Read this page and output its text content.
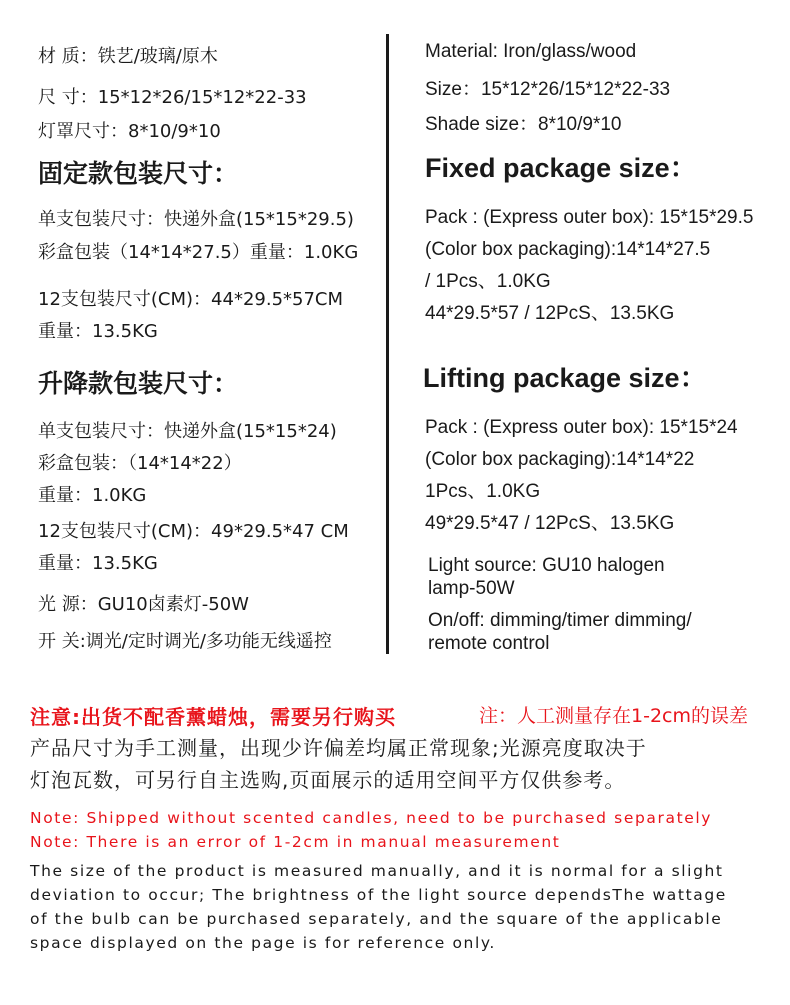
材 质：铁艺/玻璃/原木
尺 寸：15*12*26/15*12*22-33
灯罩尺寸：8*10/9*10
固定款包装尺寸：
单支包装尺寸：快递外盒(15*15*29.5)
彩盒包装（14*14*27.5）重量：1.0KG
12支包装尺寸(CM)：44*29.5*57CM
重量：13.5KG
升降款包装尺寸：
单支包装尺寸：快递外盒(15*15*24)
彩盒包装：（14*14*22）
重量：1.0KG
12支包装尺寸(CM)：49*29.5*47 CM
重量：13.5KG
光 源：GU10卤素灯-50W
开 关:调光/定时调光/多功能无线遥控
Material: Iron/glass/wood
Size：15*12*26/15*12*22-33
Shade size：8*10/9*10
Fixed package size：
Pack : (Express outer box): 15*15*29.5
(Color box packaging):14*14*27.5
/ 1Pcs、1.0KG
44*29.5*57 / 12PcS、13.5KG
Lifting package size：
Pack : (Express outer box): 15*15*24
(Color box packaging):14*14*22
1Pcs、1.0KG
49*29.5*47 / 12PcS、13.5KG
Light source: GU10 halogen
lamp-50W
On/off: dimming/timer dimming/
remote control
注意:出货不配香薰蜡烛，需要另行购买	注：人工测量存在1-2cm的误差
产品尺寸为手工测量，出现少许偏差均属正常现象;光源亮度取决于
灯泡瓦数，可另行自主选购,页面展示的适用空间平方仅供参考。
Note: Shipped without scented candles, need to be purchased separately
Note: There is an error of 1-2cm in manual measurement
The size of the product is measured manually, and it is normal for a slight
deviation to occur; The brightness of the light source dependsThe wattage
of the bulb can be purchased separately, and the square of the applicable
space displayed on the page is for reference only.
